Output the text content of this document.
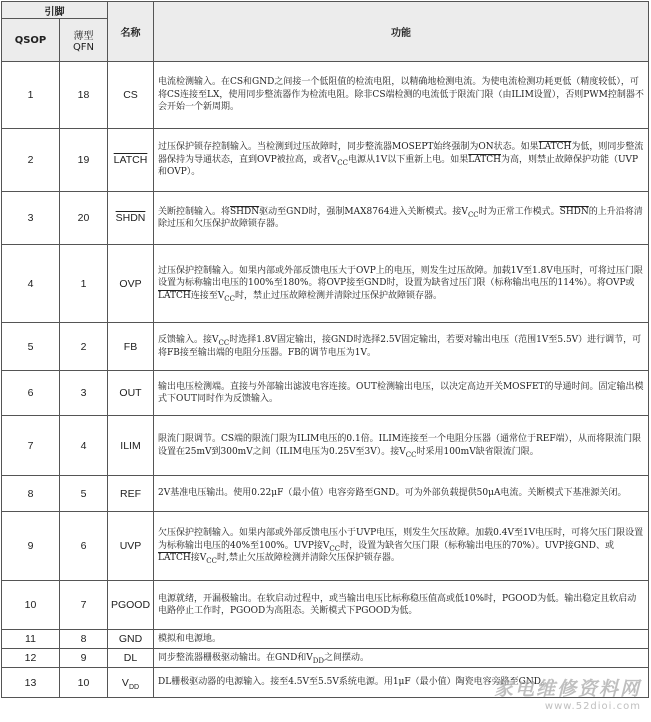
引脚		名称	功能
QSOP	薄型
QFN		

1	18	CS	电流检测输入。在CS和GND之间接一个低阻值的检流电阻，以精确地检测电流。为使电流检测功耗更低（精度较低），可将CS连接至LX，使用同步整流器作为检流电阻。除非CS端检测的电流低于限流门限（由ILIM设置），否则PWM控制器不会开始一个新周期。
2	19	LATCH	过压保护锁存控制输入。当检测到过压故障时，同步整流器MOSEPT始终强制为ON状态。如果LATCH为低，则同步整流器保持为导通状态，直到OVP被拉高，或者$V_{CC}$电源从1V以下重新上电。如果LATCH为高，则禁止故障保护功能（UVP和OVP）。
3	20	SHDN	关断控制输入。将SHDN驱动至GND时，强制MAX8764进入关断模式。接$V_{CC}$时为正常工作模式。SHDN的上升沿将清除过压和欠压保护故障锁存器。
4	1	OVP	过压保护控制输入。如果内部或外部反馈电压大于OVP上的电压，则发生过压故障。加载1V至1.8V电压时，可将过压门限设置为标称输出电压的100%至180%。将OVP接至GND时，设置为缺省过压门限（标称输出电压的114%）。将OVP或LATCH连接至$V_{CC}$时，禁止过压故障检测并清除过压保护故障锁存器。
5	2	FB	反馈输入。接$V_{CC}$时选择1.8V固定输出，接GND时选择2.5V固定输出，若要对输出电压（范围1V至5.5V）进行调节，可将FB接至输出端的电阻分压器。FB的调节电压为1V。
6	3	OUT	输出电压检测端。直接与外部输出滤波电容连接。OUT检测输出电压，以决定高边开关MOSFET的导通时间。固定输出模式下OUT同时作为反馈输入。
7	4	ILIM	限流门限调节。CS端的限流门限为ILIM电压的0.1倍。ILIM连接至一个电阻分压器（通常位于REF端），从而将限流门限设置在25mV到300mV之间（ILIM电压为0.25V至3V）。接$V_{CC}$时采用100mV缺省限流门限。
8	5	REF	2V基准电压输出。使用0.22μF（最小值）电容旁路至GND。可为外部负载提供50μA电流。关断模式下基准源关闭。
9	6	UVP	欠压保护控制输入。如果内部或外部反馈电压小于UVP电压，则发生欠压故障。加载0.4V至1V电压时，可将欠压门限设置为标称输出电压的40%至100%。UVP接$V_{CC}$时，设置为缺省欠压门限（标称输出电压的70%）。UVP接GND、或LATCH接$V_{CC}$时,禁止欠压故障检测并清除欠压保护锁存器。
10	7	PGOOD	电源就绪，开漏极输出。在软启动过程中，或当输出电压比标称稳压值高或低10%时，PGOOD为低。输出稳定且软启动电路停止工作时，PGOOD为高阻态。关断模式下PGOOD为低。
11	8	GND	模拟和电源地。
12	9	DL	同步整流器栅极驱动输出。在GND和$V_{DD}$之间摆动。
13	10	$V_{DD}$	DL栅极驱动器的电源输入。接至4.5V至5.5V系统电源。用1μF（最小值）陶瓷电容旁路至GND。
家电维修资料网
www.52dioi.com
